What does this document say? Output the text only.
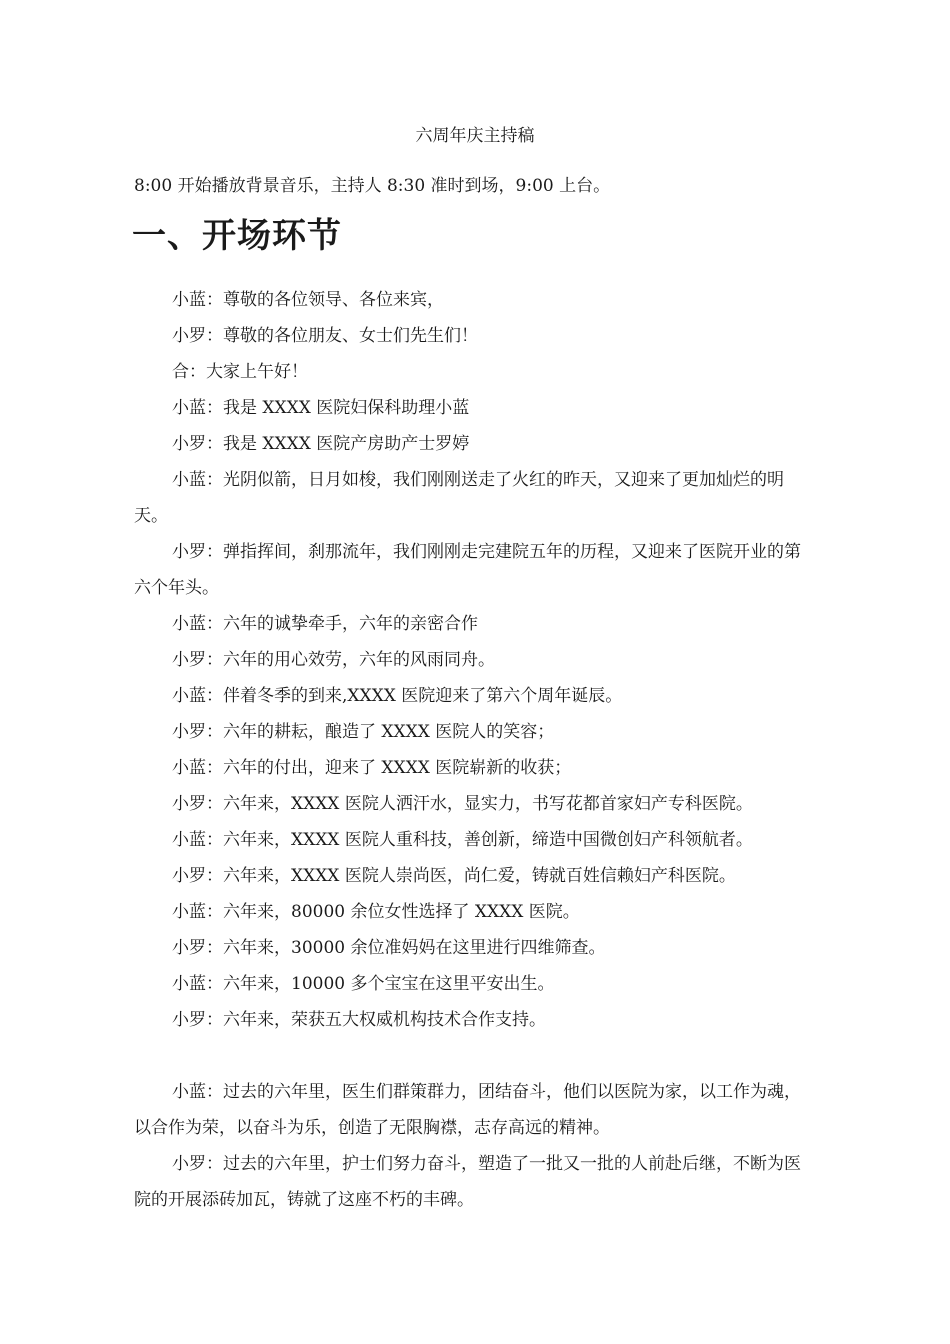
六周年庆主持稿
8:00 开始播放背景音乐，主持人 8:30 准时到场，9:00 上台。
一、开场环节

小蓝：尊敬的各位领导、各位来宾，

小罗：尊敬的各位朋友、女士们先生们！

合：大家上午好！

小蓝：我是 XXXX 医院妇保科助理小蓝

小罗：我是 XXXX 医院产房助产士罗婷

小蓝：光阴似箭，日月如梭，我们刚刚送走了火红的昨天，又迎来了更加灿烂的明天。

小罗：弹指挥间，刹那流年，我们刚刚走完建院五年的历程，又迎来了医院开业的第六个年头。

小蓝：六年的诚挚牵手，六年的亲密合作

小罗：六年的用心效劳，六年的风雨同舟。

小蓝：伴着冬季的到来,XXXX 医院迎来了第六个周年诞辰。

小罗：六年的耕耘，酿造了 XXXX 医院人的笑容；

小蓝：六年的付出，迎来了 XXXX 医院崭新的收获；

小罗：六年来，XXXX 医院人洒汗水，显实力，书写花都首家妇产专科医院。

小蓝：六年来，XXXX 医院人重科技，善创新，缔造中国微创妇产科领航者。

小罗：六年来，XXXX 医院人崇尚医，尚仁爱，铸就百姓信赖妇产科医院。

小蓝：六年来，80000 余位女性选择了 XXXX 医院。

小罗：六年来，30000 余位准妈妈在这里进行四维筛查。

小蓝：六年来，10000 多个宝宝在这里平安出生。

小罗：六年来，荣获五大权威机构技术合作支持。

小蓝：过去的六年里，医生们群策群力，团结奋斗，他们以医院为家，以工作为魂，以合作为荣，以奋斗为乐，创造了无限胸襟，志存高远的精神。

小罗：过去的六年里，护士们努力奋斗，塑造了一批又一批的人前赴后继，不断为医院的开展添砖加瓦，铸就了这座不朽的丰碑。
